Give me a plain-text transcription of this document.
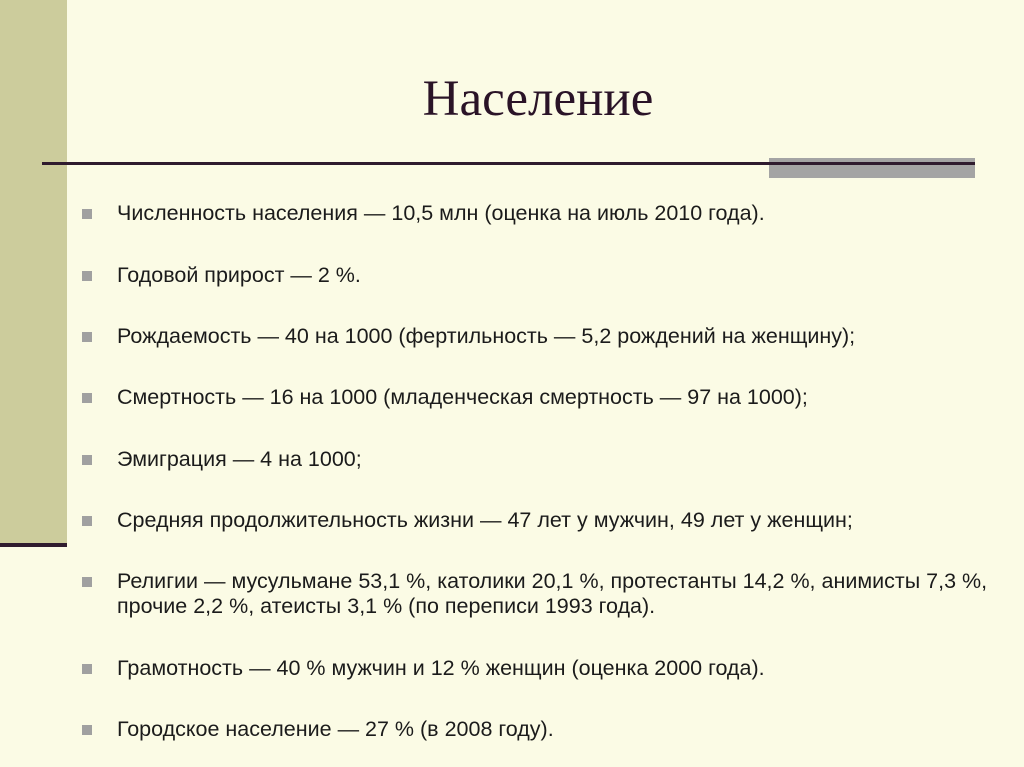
Население
Численность населения — 10,5 млн (оценка на июль 2010 года).
Годовой прирост — 2 %.
Рождаемость — 40 на 1000 (фертильность — 5,2 рождений на женщину);
Смертность — 16 на 1000 (младенческая смертность — 97 на 1000);
Эмиграция — 4 на 1000;
Средняя продолжительность жизни — 47 лет у мужчин, 49 лет у женщин;
Религии — мусульмане 53,1 %, католики 20,1 %, протестанты 14,2 %, анимисты 7,3 %, прочие 2,2 %, атеисты 3,1 % (по переписи 1993 года).
Грамотность — 40 % мужчин и 12 % женщин (оценка 2000 года).
Городское население — 27 % (в 2008 году).
